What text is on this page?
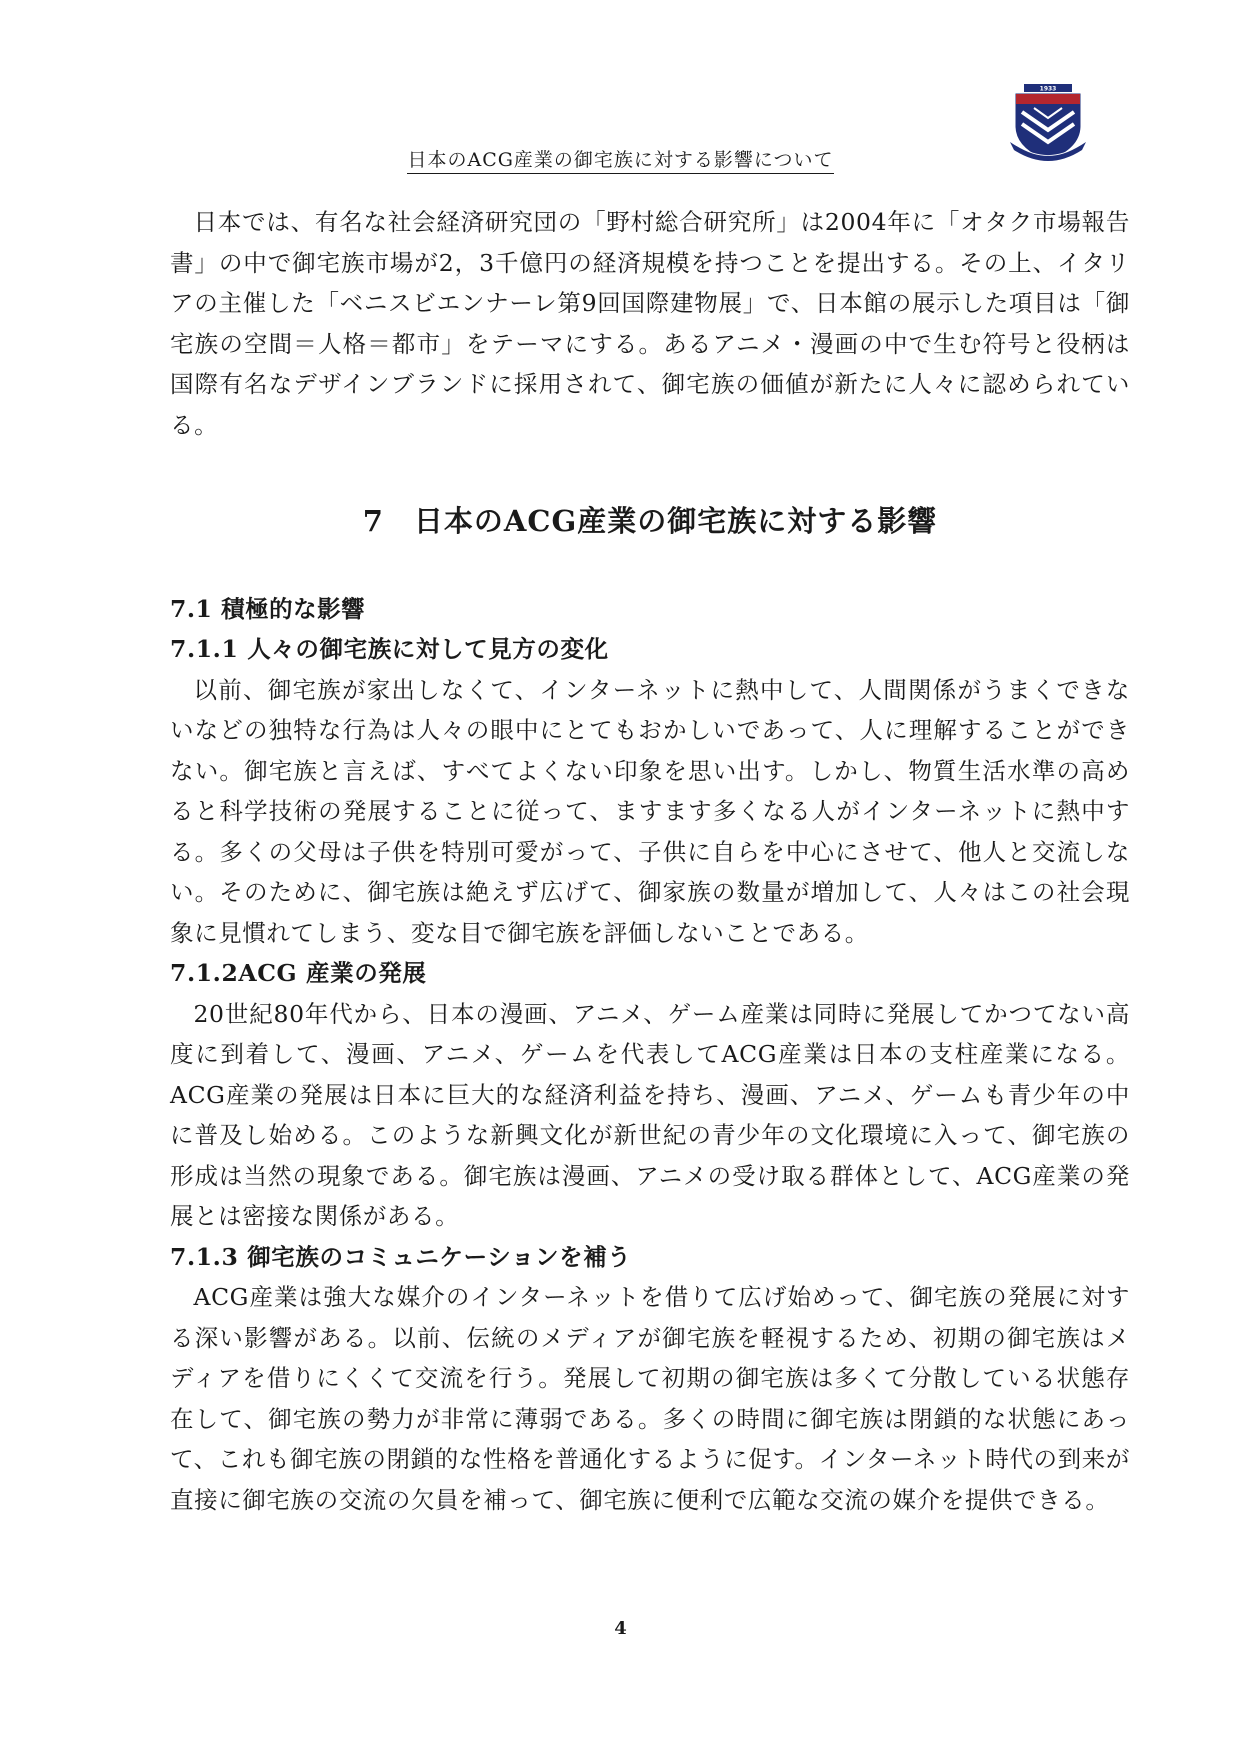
1933
日本のACG産業の御宅族に対する影響について

日本では、有名な社会経済研究団の「野村総合研究所」は2004年に「オタク市場報告書」の中で御宅族市場が2，3千億円の経済規模を持つことを提出する。その上、イタリアの主催した「ベニスビエンナーレ第9回国際建物展」で、日本館の展示した項目は「御宅族の空間＝人格＝都市」をテーマにする。あるアニメ・漫画の中で生む符号と役柄は国際有名なデザインブランドに採用されて、御宅族の価値が新たに人々に認められている。

7　日本のACG産業の御宅族に対する影響
7.1 積極的な影響
7.1.1 人々の御宅族に対して見方の変化

以前、御宅族が家出しなくて、インターネットに熱中して、人間関係がうまくできないなどの独特な行為は人々の眼中にとてもおかしいであって、人に理解することができない。御宅族と言えば、すべてよくない印象を思い出す。しかし、物質生活水準の高めると科学技術の発展することに従って、ますます多くなる人がインターネットに熱中する。多くの父母は子供を特別可愛がって、子供に自らを中心にさせて、他人と交流しない。そのために、御宅族は絶えず広げて、御家族の数量が増加して、人々はこの社会現象に見慣れてしまう、変な目で御宅族を評価しないことである。

7.1.2ACG 産業の発展

20世紀80年代から、日本の漫画、アニメ、ゲーム産業は同時に発展してかつてない高度に到着して、漫画、アニメ、ゲームを代表してACG産業は日本の支柱産業になる。ACG産業の発展は日本に巨大的な経済利益を持ち、漫画、アニメ、ゲームも青少年の中に普及し始める。このような新興文化が新世紀の青少年の文化環境に入って、御宅族の形成は当然の現象である。御宅族は漫画、アニメの受け取る群体として、ACG産業の発展とは密接な関係がある。

7.1.3 御宅族のコミュニケーションを補う

ACG産業は強大な媒介のインターネットを借りて広げ始めって、御宅族の発展に対する深い影響がある。以前、伝統のメディアが御宅族を軽視するため、初期の御宅族はメディアを借りにくくて交流を行う。発展して初期の御宅族は多くて分散している状態存在して、御宅族の勢力が非常に薄弱である。多くの時間に御宅族は閉鎖的な状態にあって、これも御宅族の閉鎖的な性格を普通化するように促す。インターネット時代の到来が直接に御宅族の交流の欠員を補って、御宅族に便利で広範な交流の媒介を提供できる。

4
